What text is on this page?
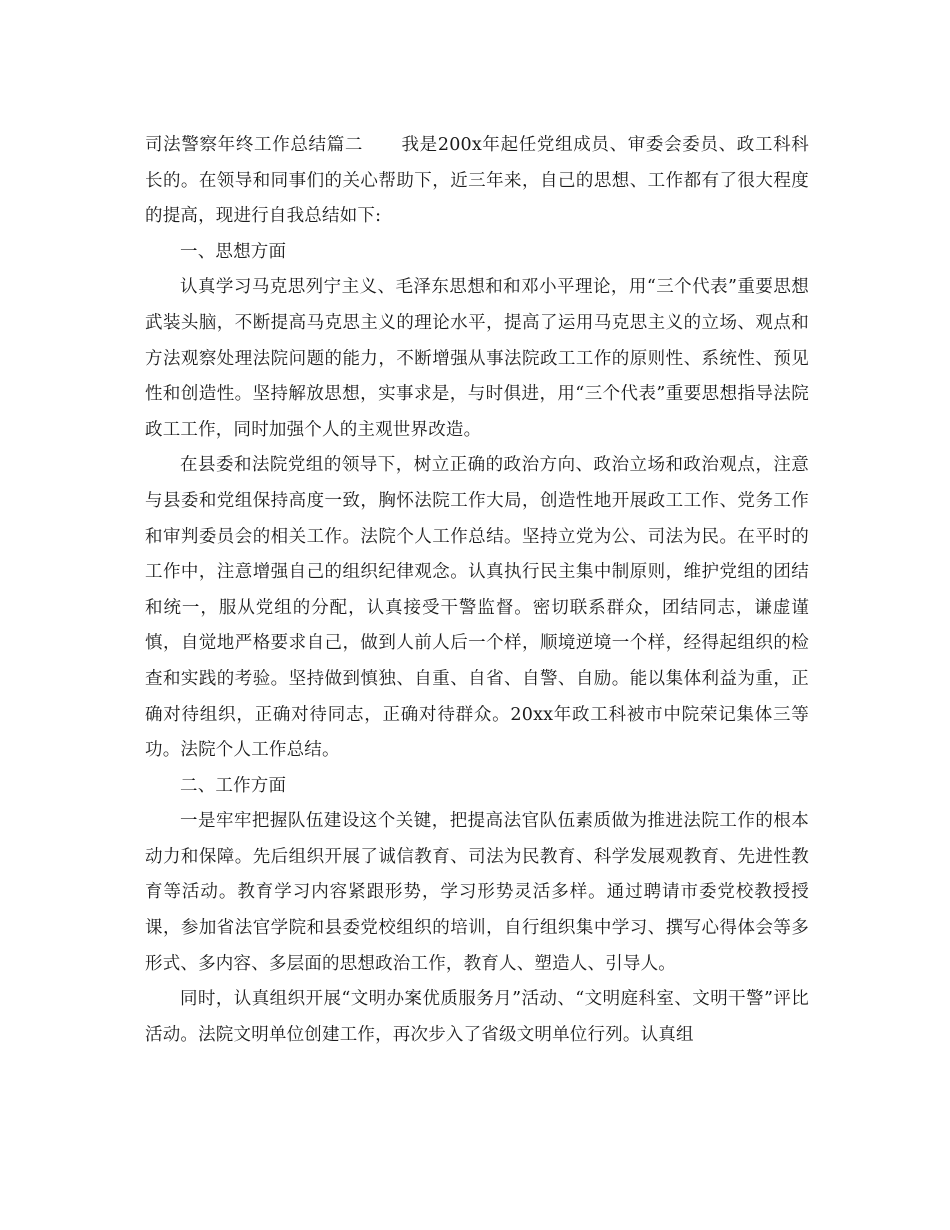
司法警察年终工作总结篇二 我是200x年起任党组成员、审委会委员、政工科科长的。在领导和同事们的关心帮助下，近三年来，自己的思想、工作都有了很大程度的提高，现进行自我总结如下:

一、思想方面

认真学习马克思列宁主义、毛泽东思想和和邓小平理论，用“三个代表”重要思想武装头脑，不断提高马克思主义的理论水平，提高了运用马克思主义的立场、观点和方法观察处理法院问题的能力，不断增强从事法院政工工作的原则性、系统性、预见性和创造性。坚持解放思想，实事求是，与时俱进，用“三个代表”重要思想指导法院政工工作，同时加强个人的主观世界改造。

在县委和法院党组的领导下，树立正确的政治方向、政治立场和政治观点，注意与县委和党组保持高度一致，胸怀法院工作大局，创造性地开展政工工作、党务工作和审判委员会的相关工作。法院个人工作总结。坚持立党为公、司法为民。在平时的工作中，注意增强自己的组织纪律观念。认真执行民主集中制原则，维护党组的团结和统一，服从党组的分配，认真接受干警监督。密切联系群众，团结同志，谦虚谨慎，自觉地严格要求自己，做到人前人后一个样，顺境逆境一个样，经得起组织的检查和实践的考验。坚持做到慎独、自重、自省、自警、自励。能以集体利益为重，正确对待组织，正确对待同志，正确对待群众。20xx年政工科被市中院荣记集体三等功。法院个人工作总结。

二、工作方面

一是牢牢把握队伍建设这个关键，把提高法官队伍素质做为推进法院工作的根本动力和保障。先后组织开展了诚信教育、司法为民教育、科学发展观教育、先进性教育等活动。教育学习内容紧跟形势，学习形势灵活多样。通过聘请市委党校教授授课，参加省法官学院和县委党校组织的培训，自行组织集中学习、撰写心得体会等多形式、多内容、多层面的思想政治工作，教育人、塑造人、引导人。

同时，认真组织开展“文明办案优质服务月”活动、“文明庭科室、文明干警”评比活动。法院文明单位创建工作，再次步入了省级文明单位行列。认真组
